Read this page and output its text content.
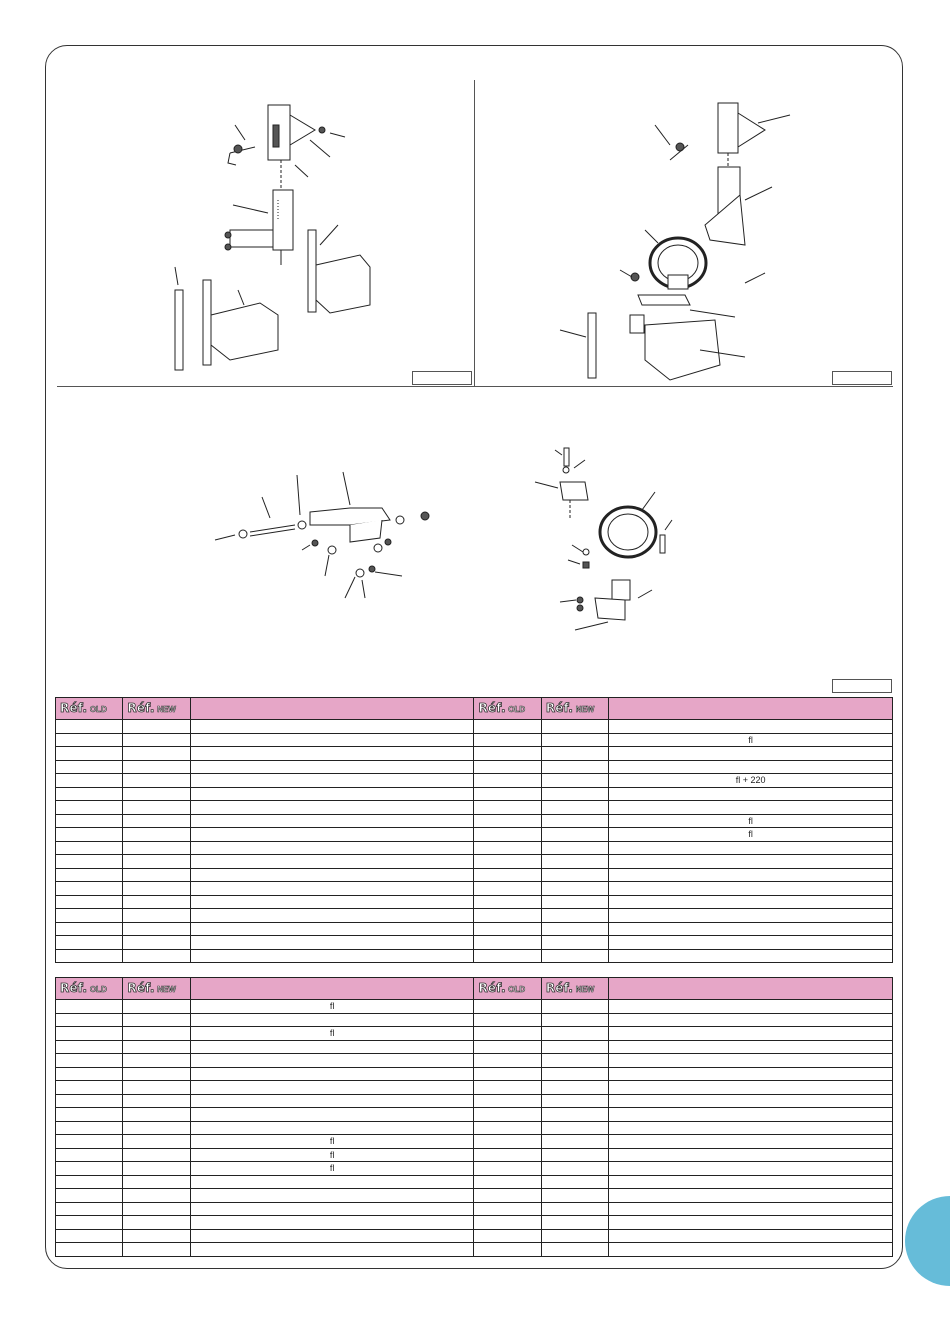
Réf. OLD	Réf. NEW		Réf. OLD	Réf. NEW	

					fl

					fl + 220

					fl

					fl

Réf. OLD	Réf. NEW		Réf. OLD	Réf. NEW	

		fl			

		fl			

		fl			

		fl			

		fl			
